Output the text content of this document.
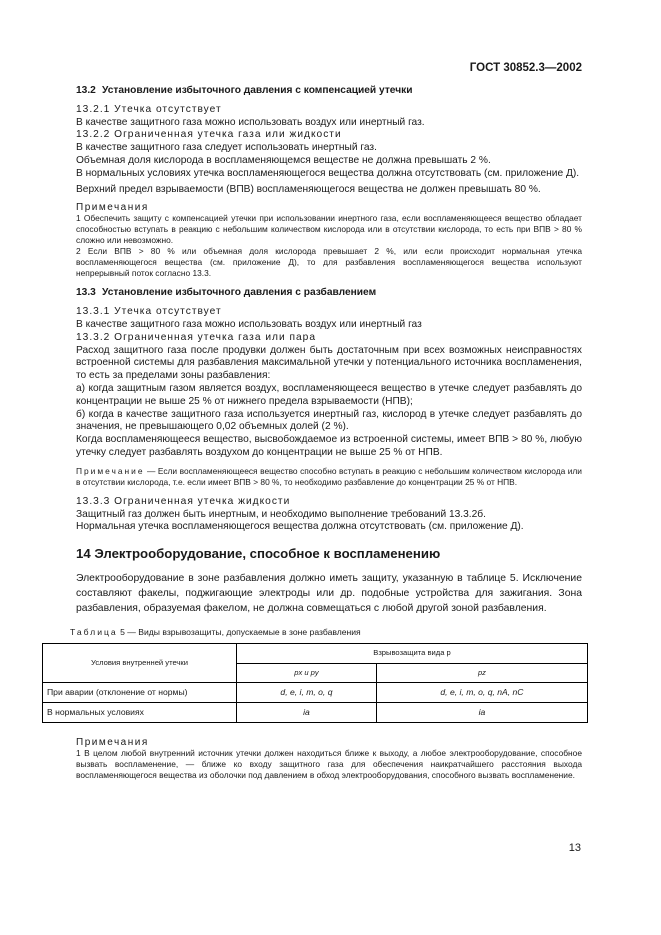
ГОСТ 30852.3—2002

13.2 Установление избыточного давления с компенсацией утечки

13.2.1 Утечка отсутствует

В качестве защитного газа можно использовать воздух или инертный газ.

13.2.2 Ограниченная утечка газа или жидкости

В качестве защитного газа следует использовать инертный газ.

Объемная доля кислорода в воспламеняющемся веществе не должна превышать 2 %.

В нормальных условиях утечка воспламеняющегося вещества должна отсутствовать (см. приложение Д).

Верхний предел взрываемости (ВПВ) воспламеняющегося вещества не должен превышать 80 %.

Примечания

1 Обеспечить защиту с компенсацией утечки при использовании инертного газа, если воспламеняющееся вещество обладает способностью вступать в реакцию с небольшим количеством кислорода или в отсутствии кислорода, то есть при ВПВ > 80 % сложно или невозможно.

2 Если ВПВ > 80 % или объемная доля кислорода превышает 2 %, или если происходит нормальная утечка воспламеняющегося вещества (см. приложение Д), то для разбавления воспламеняющегося вещества используют непрерывный поток согласно 13.3.

13.3 Установление избыточного давления с разбавлением

13.3.1 Утечка отсутствует

В качестве защитного газа можно использовать воздух или инертный газ

13.3.2 Ограниченная утечка газа или пара

Расход защитного газа после продувки должен быть достаточным при всех возможных неисправностях встроенной системы для разбавления максимальной утечки у потенциального источника воспламенения, то есть за пределами зоны разбавления:

а) когда защитным газом является воздух, воспламеняющееся вещество в утечке следует разбавлять до концентрации не выше 25 % от нижнего предела взрываемости (НПВ);

б) когда в качестве защитного газа используется инертный газ, кислород в утечке следует разбавлять до значения, не превышающего 0,02 объемных долей (2 %).

Когда воспламеняющееся вещество, высвобождаемое из встроенной системы, имеет ВПВ > 80 %, любую утечку следует разбавлять воздухом до концентрации не выше 25 % от НПВ.

Примечание — Если воспламеняющееся вещество способно вступать в реакцию с небольшим количеством кислорода или в отсутствии кислорода, т.е. если имеет ВПВ > 80 %, то необходимо разбавление до концентрации 25 % от НПВ.

13.3.3 Ограниченная утечка жидкости

Защитный газ должен быть инертным, и необходимо выполнение требований 13.3.2б.

Нормальная утечка воспламеняющегося вещества должна отсутствовать (см. приложение Д).

14 Электрооборудование, способное к воспламенению

Электрооборудование в зоне разбавления должно иметь защиту, указанную в таблице 5. Исключение составляют факелы, поджигающие электроды или др. подобные устройства для зажигания. Зона разбавления, образуемая факелом, не должна совмещаться с любой другой зоной разбавления.

Таблица 5 — Виды взрывозащиты, допускаемые в зоне разбавления

Условия внутренней утечки	Взрывозащита вида p	
	px и py	pz
При аварии (отклонение от нормы)	d, e, i, m, o, q	d, e, i, m, o, q, nA, nC
В нормальных условиях	ia	ia

Примечания

1 В целом любой внутренний источник утечки должен находиться ближе к выходу, а любое электрооборудование, способное вызвать воспламенение, — ближе ко входу защитного газа для обеспечения наикратчайшего расстояния выхода воспламеняющегося вещества из оболочки под давлением в обход электрооборудования, способного вызвать воспламенение.

13
